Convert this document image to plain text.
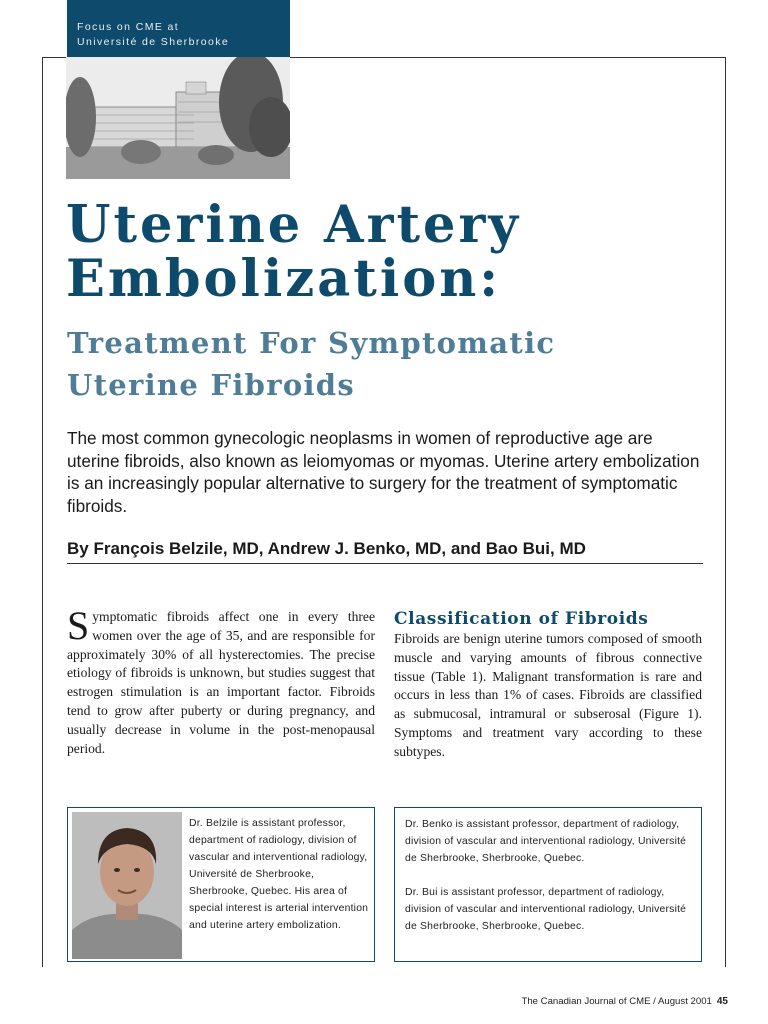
Focus on CME at
Université de Sherbrooke
Uterine Artery
Embolization:
Treatment For Symptomatic
Uterine Fibroids
The most common gynecologic neoplasms in women of reproductive age are uterine fibroids, also known as leiomyomas or myomas. Uterine artery embolization is an increasingly popular alternative to surgery for the treatment of symptomatic fibroids.
By François Belzile, MD, Andrew J. Benko, MD, and Bao Bui, MD
Symptomatic fibroids affect one in every three women over the age of 35, and are responsible for approximately 30% of all hysterectomies. The precise etiology of fibroids is unknown, but studies suggest that estrogen stimulation is an important factor. Fibroids tend to grow after puberty or during pregnancy, and usually decrease in volume in the post-menopausal period.
Classification of Fibroids
Fibroids are benign uterine tumors composed of smooth muscle and varying amounts of fibrous connective tissue (Table 1). Malignant transformation is rare and occurs in less than 1% of cases. Fibroids are classified as submucosal, intramural or subserosal (Figure 1). Symptoms and treatment vary according to these subtypes.
Dr. Belzile is assistant professor, department of radiology, division of vascular and interventional radiology, Université de Sherbrooke, Sherbrooke, Quebec. His area of special interest is arterial intervention and uterine artery embolization.

Dr. Benko is assistant professor, department of radiology, division of vascular and interventional radiology, Université de Sherbrooke, Sherbrooke, Quebec.

Dr. Bui is assistant professor, department of radiology, division of vascular and interventional radiology, Université de Sherbrooke, Sherbrooke, Quebec.

The Canadian Journal of CME / August 2001 45
